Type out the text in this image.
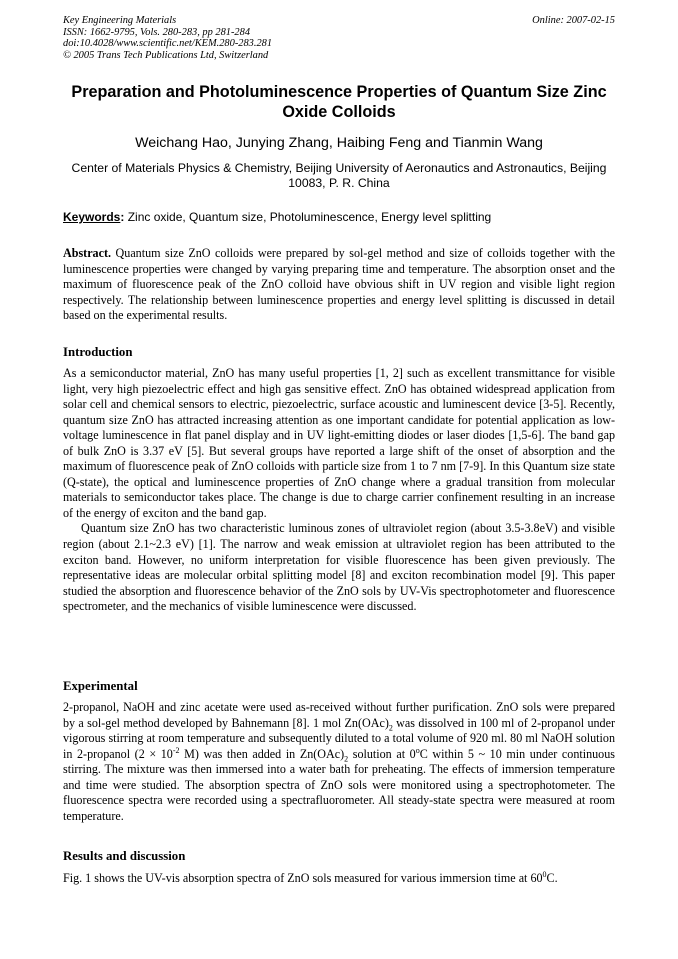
Key Engineering Materials
ISSN: 1662-9795, Vols. 280-283, pp 281-284
doi:10.4028/www.scientific.net/KEM.280-283.281
© 2005 Trans Tech Publications Ltd, Switzerland
Online: 2007-02-15
Preparation and Photoluminescence Properties of Quantum Size Zinc Oxide Colloids
Weichang Hao, Junying Zhang, Haibing Feng and Tianmin Wang
Center of Materials Physics & Chemistry, Beijing University of Aeronautics and Astronautics, Beijing 10083, P. R. China
Keywords: Zinc oxide, Quantum size, Photoluminescence, Energy level splitting

Abstract. Quantum size ZnO colloids were prepared by sol-gel method and size of colloids together with the luminescence properties were changed by varying preparing time and temperature. The absorption onset and the maximum of fluorescence peak of the ZnO colloid have obvious shift in UV region and visible light region respectively. The relationship between luminescence properties and energy level splitting is discussed in detail based on the experimental results.

Introduction

As a semiconductor material, ZnO has many useful properties [1, 2] such as excellent transmittance for visible light, very high piezoelectric effect and high gas sensitive effect. ZnO has obtained widespread application from solar cell and chemical sensors to electric, piezoelectric, surface acoustic and luminescent device [3-5]. Recently, quantum size ZnO has attracted increasing attention as one important candidate for potential application as low-voltage luminescence in flat panel display and in UV light-emitting diodes or laser diodes [1,5-6]. The band gap of bulk ZnO is 3.37 eV [5]. But several groups have reported a large shift of the onset of absorption and the maximum of fluorescence peak of ZnO colloids with particle size from 1 to 7 nm [7-9]. In this Quantum size state (Q-state), the optical and luminescence properties of ZnO change where a gradual transition from molecular materials to semiconductor takes place. The change is due to charge carrier confinement resulting in an increase of the energy of exciton and the band gap.

Quantum size ZnO has two characteristic luminous zones of ultraviolet region (about 3.5-3.8eV) and visible region (about 2.1~2.3 eV) [1]. The narrow and weak emission at ultraviolet region has been attributed to the exciton band. However, no uniform interpretation for visible fluorescence has been given previously. The representative ideas are molecular orbital splitting model [8] and exciton recombination model [9]. This paper studied the absorption and fluorescence behavior of the ZnO sols by UV-Vis spectrophotometer and fluorescence spectrometer, and the mechanics of visible luminescence were discussed.

Experimental

2-propanol, NaOH and zinc acetate were used as-received without further purification. ZnO sols were prepared by a sol-gel method developed by Bahnemann [8]. 1 mol $Zn(OAc)_2$ was dissolved in 100 ml of 2-propanol under vigorous stirring at room temperature and subsequently diluted to a total volume of 920 ml. 80 ml NaOH solution in 2-propanol ($2 \times 10^{-2}$ M) was then added in $Zn(OAc)_2$ solution at 0$^o$C within 5 ~ 10 min under continuous stirring. The mixture was then immersed into a water bath for preheating. The effects of immersion temperature and time were studied. The absorption spectra of ZnO sols were monitored using a spectrophotometer. The fluorescence spectra were recorded using a spectrafluorometer. All steady-state spectra were measured at room temperature.

Results and discussion

Fig. 1 shows the UV-vis absorption spectra of ZnO sols measured for various immersion time at $60^0C$.
